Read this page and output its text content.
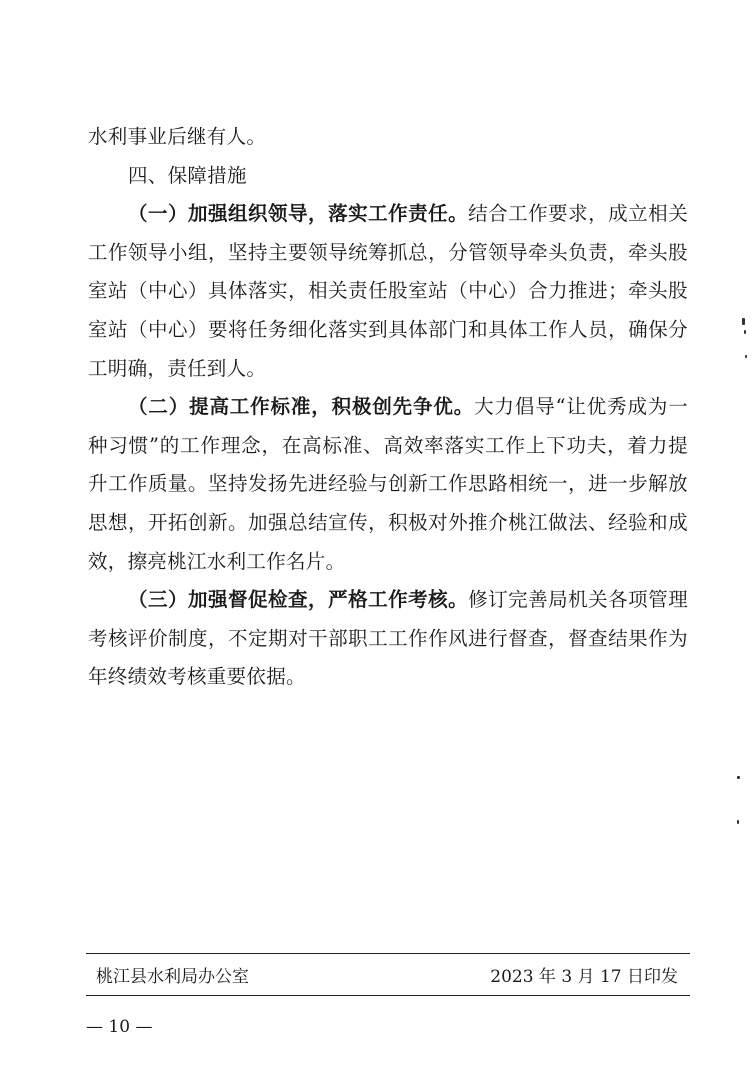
水利事业后继有人。

四、保障措施

（一）加强组织领导，落实工作责任。结合工作要求，成立相关工作领导小组，坚持主要领导统筹抓总，分管领导牵头负责，牵头股室站（中心）具体落实，相关责任股室站（中心）合力推进；牵头股室站（中心）要将任务细化落实到具体部门和具体工作人员，确保分工明确，责任到人。

（二）提高工作标准，积极创先争优。大力倡导“让优秀成为一种习惯”的工作理念，在高标准、高效率落实工作上下功夫，着力提升工作质量。坚持发扬先进经验与创新工作思路相统一，进一步解放思想，开拓创新。加强总结宣传，积极对外推介桃江做法、经验和成效，擦亮桃江水利工作名片。

（三）加强督促检查，严格工作考核。修订完善局机关各项管理考核评价制度，不定期对干部职工工作作风进行督查，督查结果作为年终绩效考核重要依据。

桃江县水利局办公室	2023 年 3 月 17 日印发
— 10 —
